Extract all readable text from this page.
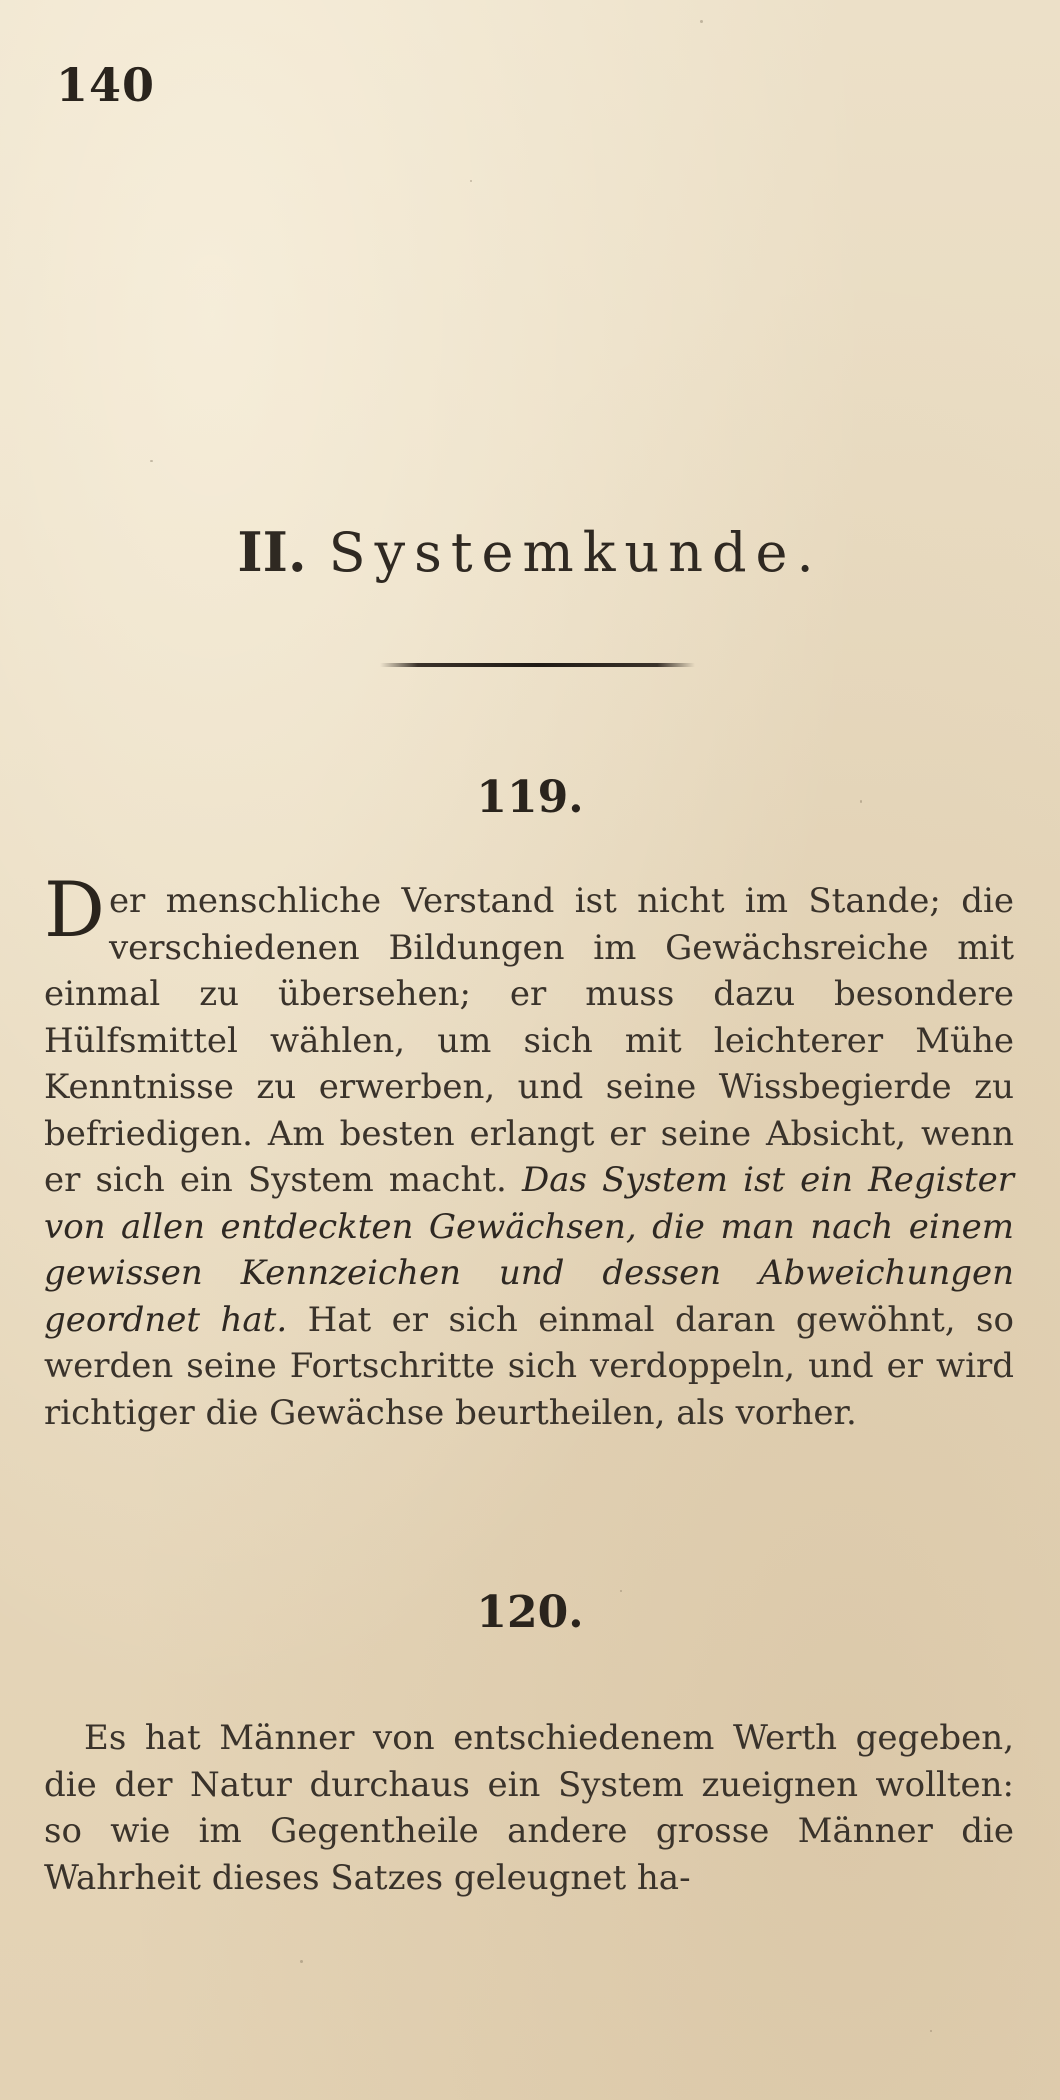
140
II. Systemkunde.
119.
Der menschliche Verstand ist nicht im Stande; die verschiedenen Bildungen im Gewächsreiche mit einmal zu übersehen; er muss dazu besondere Hülfsmittel wählen, um sich mit leichterer Mühe Kenntnisse zu erwerben, und seine Wissbegierde zu befriedigen. Am besten erlangt er seine Absicht, wenn er sich ein System macht. Das System ist ein Register von allen entdeckten Gewächsen, die man nach einem gewissen Kennzeichen und dessen Abweichungen geordnet hat. Hat er sich einmal daran gewöhnt, so werden seine Fortschritte sich verdoppeln, und er wird richtiger die Gewächse beurtheilen, als vorher.
120.
Es hat Männer von entschiedenem Werth gegeben, die der Natur durchaus ein System zueignen wollten: so wie im Gegentheile andere grosse Männer die Wahrheit dieses Satzes geleugnet ha-
